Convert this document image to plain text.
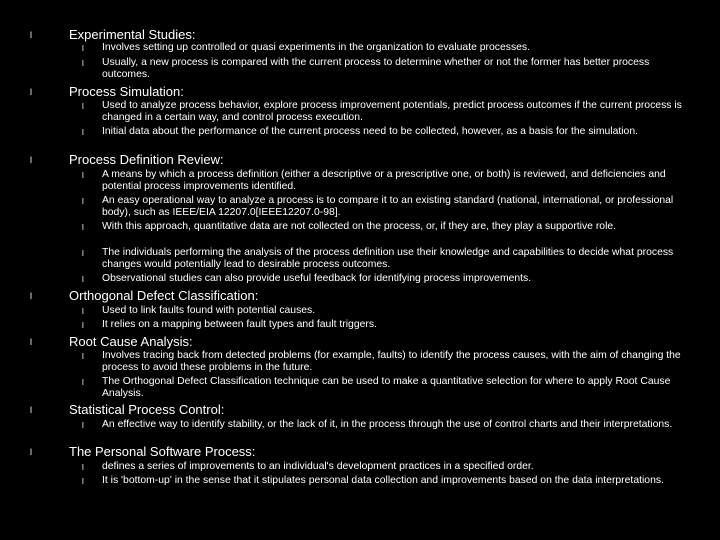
l	Experimental Studies:
l Involves setting up controlled or quasi experiments in the organization to evaluate processes.
l Usually, a new process is compared with the current process to determine whether or not the former has better process outcomes.
l	Process Simulation:
l Used to analyze process behavior, explore process improvement potentials, predict process outcomes if the current process is changed in a certain way, and control process execution.
l Initial data about the performance of the current process need to be collected, however, as a basis for the simulation.
l	Process Definition Review:
l A means by which a process definition (either a descriptive or a prescriptive one, or both) is reviewed, and deficiencies and potential process improvements identified.
l An easy operational way to analyze a process is to compare it to an existing standard (national, international, or professional body), such as IEEE/EIA 12207.0[IEEE12207.0-98].
l With this approach, quantitative data are not collected on the process, or, if they are, they play a supportive role.
l The individuals performing the analysis of the process definition use their knowledge and capabilities to decide what process changes would potentially lead to desirable process outcomes.
l Observational studies can also provide useful feedback for identifying process improvements.
l	Orthogonal Defect Classification:
l Used to link faults found with potential causes.
l It relies on a mapping between fault types and fault triggers.
l	Root Cause Analysis:
l Involves tracing back from detected problems (for example, faults) to identify the process causes, with the aim of changing the process to avoid these problems in the future.
l The Orthogonal Defect Classification technique can be used to make a quantitative selection for where to apply Root Cause Analysis.
l	Statistical Process Control:
l An effective way to identify stability, or the lack of it, in the process through the use of control charts and their interpretations.
l	The Personal Software Process:
l defines a series of improvements to an individual's development practices in a specified order.
l It is 'bottom-up' in the sense that it stipulates personal data collection and improvements based on the data interpretations.
